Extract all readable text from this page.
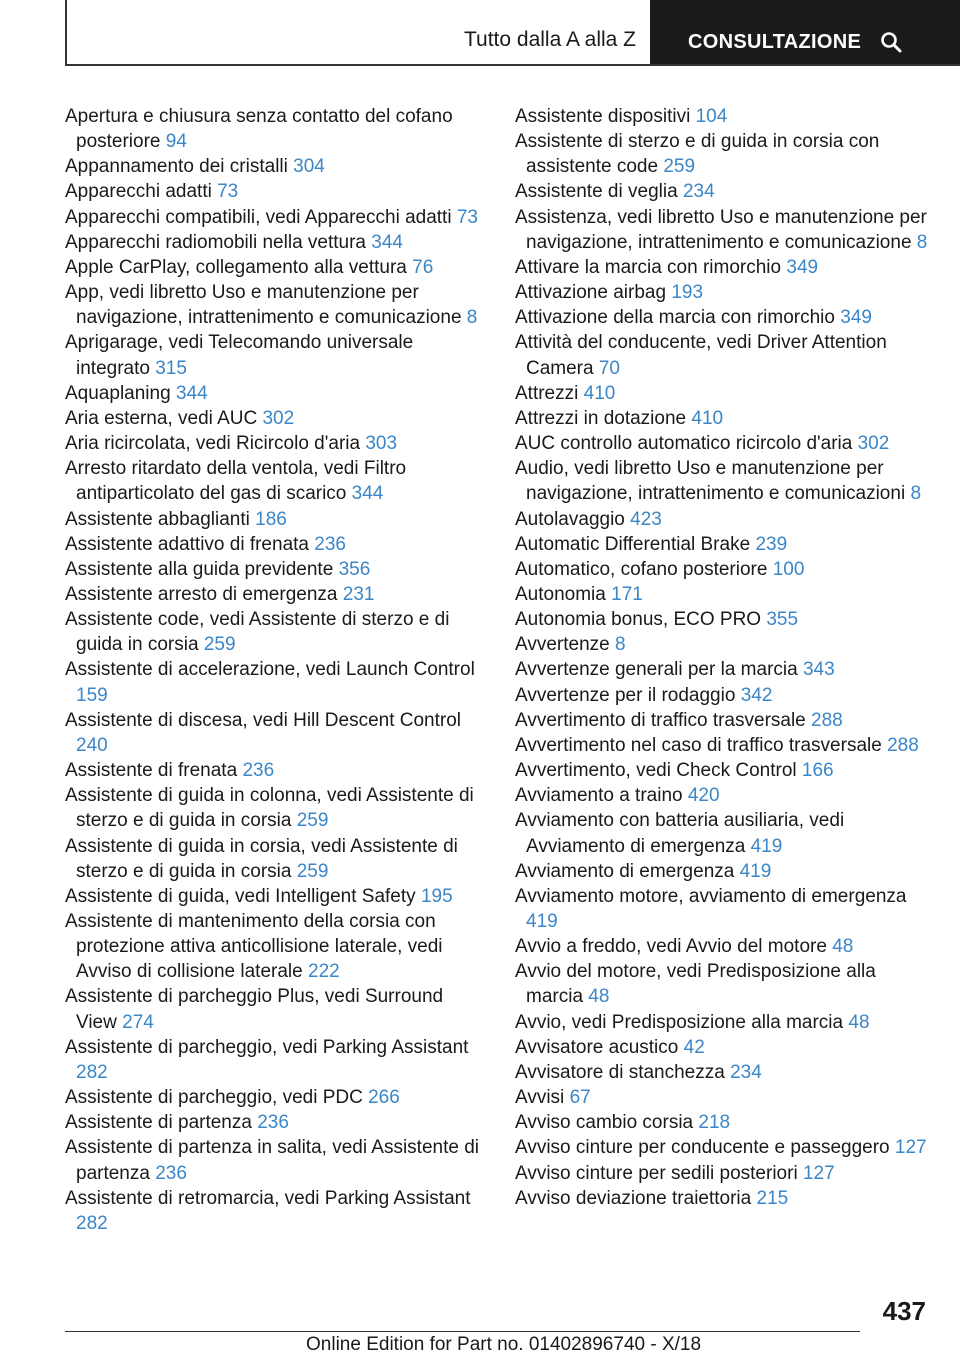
Tutto dalla A alla Z	CONSULTAZIONE
Apertura e chiusura senza contatto del cofano posteriore 94
Appannamento dei cristalli 304
Apparecchi adatti 73
Apparecchi compatibili, vedi Apparecchi adatti 73
Apparecchi radiomobili nella vettura 344
Apple CarPlay, collegamento alla vettura 76
App, vedi libretto Uso e manutenzione per navigazione, intrattenimento e comunicazione 8
Aprigarage, vedi Telecomando universale integrato 315
Aquaplaning 344
Aria esterna, vedi AUC 302
Aria ricircolata, vedi Ricircolo d'aria 303
Arresto ritardato della ventola, vedi Filtro antiparticolato del gas di scarico 344
Assistente abbaglianti 186
Assistente adattivo di frenata 236
Assistente alla guida previdente 356
Assistente arresto di emergenza 231
Assistente code, vedi Assistente di sterzo e di guida in corsia 259
Assistente di accelerazione, vedi Launch Control 159
Assistente di discesa, vedi Hill Descent Control 240
Assistente di frenata 236
Assistente di guida in colonna, vedi Assistente di sterzo e di guida in corsia 259
Assistente di guida in corsia, vedi Assistente di sterzo e di guida in corsia 259
Assistente di guida, vedi Intelligent Safety 195
Assistente di mantenimento della corsia con protezione attiva anticollisione laterale, vedi Avviso di collisione laterale 222
Assistente di parcheggio Plus, vedi Surround View 274
Assistente di parcheggio, vedi Parking Assistant 282
Assistente di parcheggio, vedi PDC 266
Assistente di partenza 236
Assistente di partenza in salita, vedi Assistente di partenza 236
Assistente di retromarcia, vedi Parking Assistant 282
Assistente dispositivi 104
Assistente di sterzo e di guida in corsia con assistente code 259
Assistente di veglia 234
Assistenza, vedi libretto Uso e manutenzione per navigazione, intrattenimento e comunicazione 8
Attivare la marcia con rimorchio 349
Attivazione airbag 193
Attivazione della marcia con rimorchio 349
Attività del conducente, vedi Driver Attention Camera 70
Attrezzi 410
Attrezzi in dotazione 410
AUC controllo automatico ricircolo d'aria 302
Audio, vedi libretto Uso e manutenzione per navigazione, intrattenimento e comunicazioni 8
Autolavaggio 423
Automatic Differential Brake 239
Automatico, cofano posteriore 100
Autonomia 171
Autonomia bonus, ECO PRO 355
Avvertenze 8
Avvertenze generali per la marcia 343
Avvertenze per il rodaggio 342
Avvertimento di traffico trasversale 288
Avvertimento nel caso di traffico trasversale 288
Avvertimento, vedi Check Control 166
Avviamento a traino 420
Avviamento con batteria ausiliaria, vedi Avviamento di emergenza 419
Avviamento di emergenza 419
Avviamento motore, avviamento di emergenza 419
Avvio a freddo, vedi Avvio del motore 48
Avvio del motore, vedi Predisposizione alla marcia 48
Avvio, vedi Predisposizione alla marcia 48
Avvisatore acustico 42
Avvisatore di stanchezza 234
Avvisi 67
Avviso cambio corsia 218
Avviso cinture per conducente e passeggero 127
Avviso cinture per sedili posteriori 127
Avviso deviazione traiettoria 215
437
Online Edition for Part no. 01402896740 - X/18
